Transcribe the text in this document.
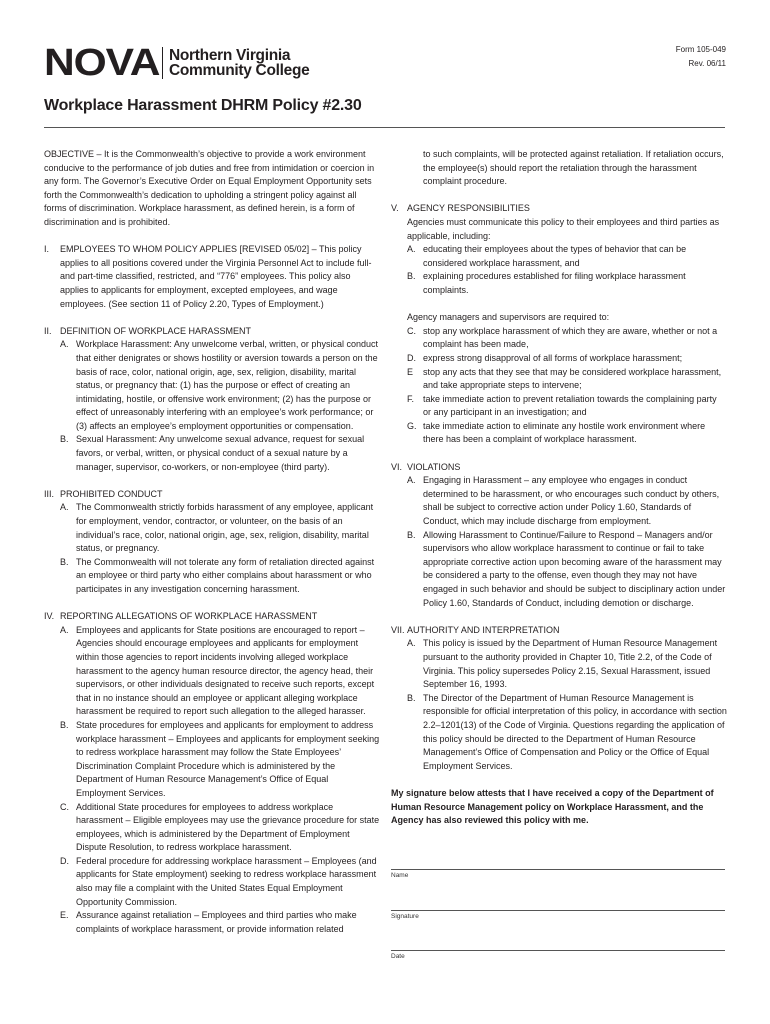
NOVA Northern Virginia
Community College
Form 105-049
Rev. 06/11
Workplace Harassment DHRM Policy #2.30

OBJECTIVE – It is the Commonwealth’s objective to provide a work environment conducive to the performance of job duties and free from intimidation or coercion in any form. The Governor’s Executive Order on Equal Employment Opportunity sets forth the Commonwealth’s dedication to upholding a stringent policy against all forms of discrimination. Workplace harassment, as defined herein, is a form of discrimination and is prohibited.

I.	EMPLOYEES TO WHOM POLICY APPLIES [REVISED 05/02] – This policy applies to all positions covered under the Virginia Personnel Act to include full- and part-time classified, restricted, and “776” employees. This policy also applies to applicants for employment, excepted employees, and wage employees. (See section 11 of Policy 2.20, Types of Employment.)

II. DEFINITION OF WORKPLACE HARASSMENT

A. Workplace Harassment: Any unwelcome verbal, written, or physical conduct that either denigrates or shows hostility or aversion towards a person on the basis of race, color, national origin, age, sex, religion, disability, marital status, or pregnancy that: (1) has the purpose or effect of creating an intimidating, hostile, or offensive work environment; (2) has the purpose or effect of unreasonably interfering with an employee’s work performance; or (3) affects an employee’s employment opportunities or compensation.

B. Sexual Harassment: Any unwelcome sexual advance, request for sexual favors, or verbal, written, or physical conduct of a sexual nature by a manager, supervisor, co-workers, or non-employee (third party).

III. PROHIBITED CONDUCT

A. The Commonwealth strictly forbids harassment of any employee, applicant for employment, vendor, contractor, or volunteer, on the basis of an individual’s race, color, national origin, age, sex, religion, disability, marital status, or pregnancy.

B. The Commonwealth will not tolerate any form of retaliation directed against an employee or third party who either complains about harassment or who participates in any investigation concerning harassment.

IV. REPORTING ALLEGATIONS OF WORKPLACE HARASSMENT

A. Employees and applicants for State positions are encouraged to report – Agencies should encourage employees and applicants for employment within those agencies to report incidents involving alleged workplace harassment to the agency human resource director, the agency head, their supervisors, or other individuals designated to receive such reports, except that in no instance should an employee or applicant alleging workplace harassment be required to report such allegation to the alleged harasser.

B. State procedures for employees and applicants for employment to address workplace harassment – Employees and applicants for employment seeking to redress workplace harassment may follow the State Employees’ Discrimination Complaint Procedure which is administered by the Department of Human Resource Management’s Office of Equal Employment Services.

C. Additional State procedures for employees to address workplace harassment – Eligible employees may use the grievance procedure for state employees, which is administered by the Department of Employment Dispute Resolution, to redress workplace harassment.

D. Federal procedure for addressing workplace harassment – Employees (and applicants for State employment) seeking to redress workplace harassment also may file a complaint with the United States Equal Employment Opportunity Commission.

E. Assurance against retaliation – Employees and third parties who make complaints of workplace harassment, or provide information related

to such complaints, will be protected against retaliation. If retaliation occurs, the employee(s) should report the retaliation through the harassment complaint procedure.

V. AGENCY RESPONSIBILITIES

Agencies must communicate this policy to their employees and third parties as applicable, including:

A. educating their employees about the types of behavior that can be considered workplace harassment, and

B. explaining procedures established for filing workplace harassment complaints.

Agency managers and supervisors are required to:

C. stop any workplace harassment of which they are aware, whether or not a complaint has been made,

D. express strong disapproval of all forms of workplace harassment;

E	stop any acts that they see that may be considered workplace harassment, and take appropriate steps to intervene;

F. take immediate action to prevent retaliation towards the complaining party or any participant in an investigation; and

G. take immediate action to eliminate any hostile work environment where there has been a complaint of workplace harassment.

VI. VIOLATIONS

A. Engaging in Harassment – any employee who engages in conduct determined to be harassment, or who encourages such conduct by others, shall be subject to corrective action under Policy 1.60, Standards of Conduct, which may include discharge from employment.

B. Allowing Harassment to Continue/Failure to Respond – Managers and/or supervisors who allow workplace harassment to continue or fail to take appropriate corrective action upon becoming aware of the harassment may be considered a party to the offense, even though they may not have engaged in such behavior and should be subject to disciplinary action under Policy 1.60, Standards of Conduct, including demotion or discharge.

VII. AUTHORITY AND INTERPRETATION

A. This policy is issued by the Department of Human Resource Management pursuant to the authority provided in Chapter 10, Title 2.2, of the Code of Virginia. This policy supersedes Policy 2.15, Sexual Harassment, issued September 16, 1993.

B. The Director of the Department of Human Resource Management is responsible for official interpretation of this policy, in accordance with section 2.2–1201(13) of the Code of Virginia. Questions regarding the application of this policy should be directed to the Department of Human Resource Management’s Office of Compensation and Policy or the Office of Equal Employment Services.

My signature below attests that I have received a copy of the Department of Human Resource Management policy on Workplace Harassment, and the Agency has also reviewed this policy with me.

Name
Signature
Date
